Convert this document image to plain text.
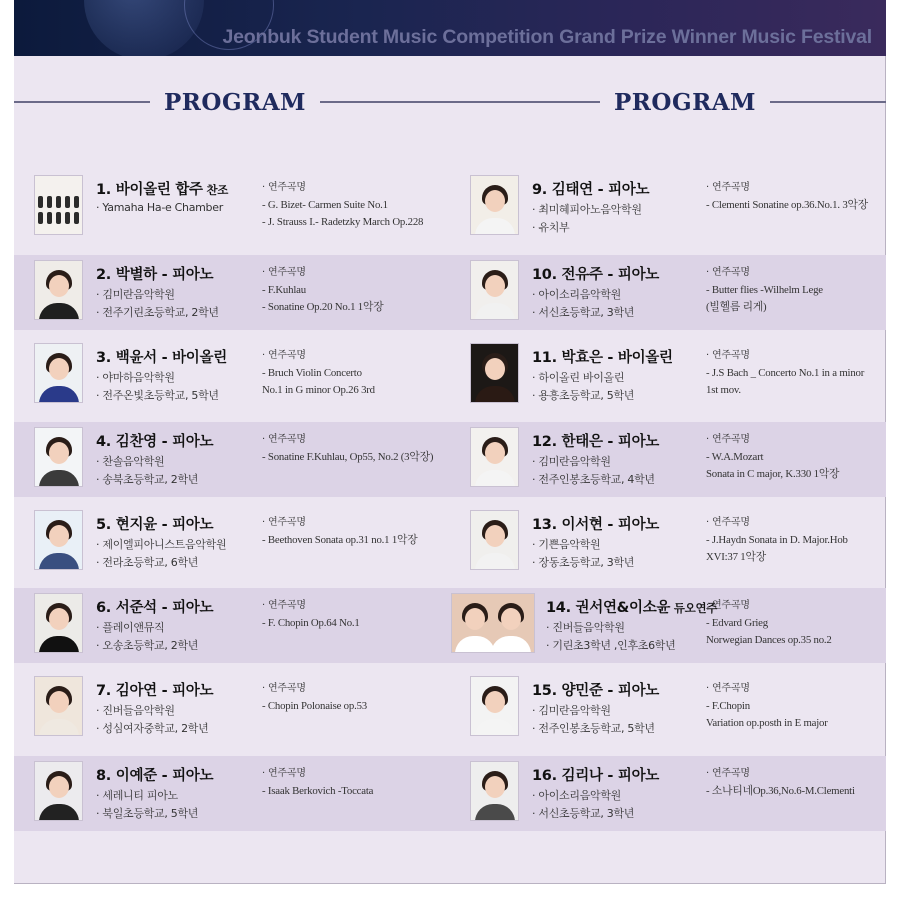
Jeonbuk Student Music Competition Grand Prize Winner Music Festival
PROGRAM	PROGRAM
1. 바이올린 합주 찬조
· Yamaha Ha-e Chamber
· 연주곡명
- G. Bizet- Carmen Suite No.1
- J. Strauss I.- Radetzky March Op.228
2. 박별하 - 피아노
· 김미란음악학원
· 전주기린초등학교, 2학년
· 연주곡명
- F.Kuhlau
- Sonatine Op.20 No.1 1악장
3. 백윤서 - 바이올린
· 야마하음악학원
· 전주온빛초등학교, 5학년
· 연주곡명
- Bruch Violin Concerto
No.1 in G minor Op.26 3rd
4. 김찬영 - 피아노
· 찬솔음악학원
· 송북초등학교, 2학년
· 연주곡명
- Sonatine F.Kuhlau, Op55, No.2 (3악장)
5. 현지윤 - 피아노
· 제이엘피아니스트음악학원
· 전라초등학교, 6학년
· 연주곡명
- Beethoven Sonata op.31 no.1 1악장
6. 서준석 - 피아노
· 플레이앤뮤직
· 오송초등학교, 2학년
· 연주곡명
- F. Chopin Op.64 No.1
7. 김아연 - 피아노
· 진버들음악학원
· 성심여자중학교, 2학년
· 연주곡명
- Chopin Polonaise op.53
8. 이예준 - 피아노
· 세레니티 피아노
· 북일초등학교, 5학년
· 연주곡명
- Isaak Berkovich -Toccata
9. 김태연 - 피아노
· 최미혜피아노음악학원
· 유치부
· 연주곡명
- Clementi Sonatine op.36.No.1. 3악장
10. 전유주 - 피아노
· 아이소리음악학원
· 서신초등학교, 3학년
· 연주곡명
- Butter flies -Wilhelm Lege
(빌헬름 리게)
11. 박효은 - 바이올린
· 하이올린 바이올린
· 용흥초등학교, 5학년
· 연주곡명
- J.S Bach _ Concerto No.1 in a minor
1st mov.
12. 한태은 - 피아노
· 김미란음악학원
· 전주인봉초등학교, 4학년
· 연주곡명
- W.A.Mozart
Sonata in C major, K.330 1악장
13. 이서현 - 피아노
· 기쁜음악학원
· 장동초등학교, 3학년
· 연주곡명
- J.Haydn Sonata in D. Major.Hob
XVI:37 1악장
14. 권서연&이소윤 듀오연주
· 진버들음악학원
· 기린초3학년 ,인후초6학년
· 연주곡명
- Edvard Grieg
Norwegian Dances op.35 no.2
15. 양민준 - 피아노
· 김미란음악학원
· 전주인봉초등학교, 5학년
· 연주곡명
- F.Chopin
Variation op.posth in E major
16. 김리나 - 피아노
· 아이소리음악학원
· 서신초등학교, 3학년
· 연주곡명
- 소나티네Op.36,No.6-M.Clementi
